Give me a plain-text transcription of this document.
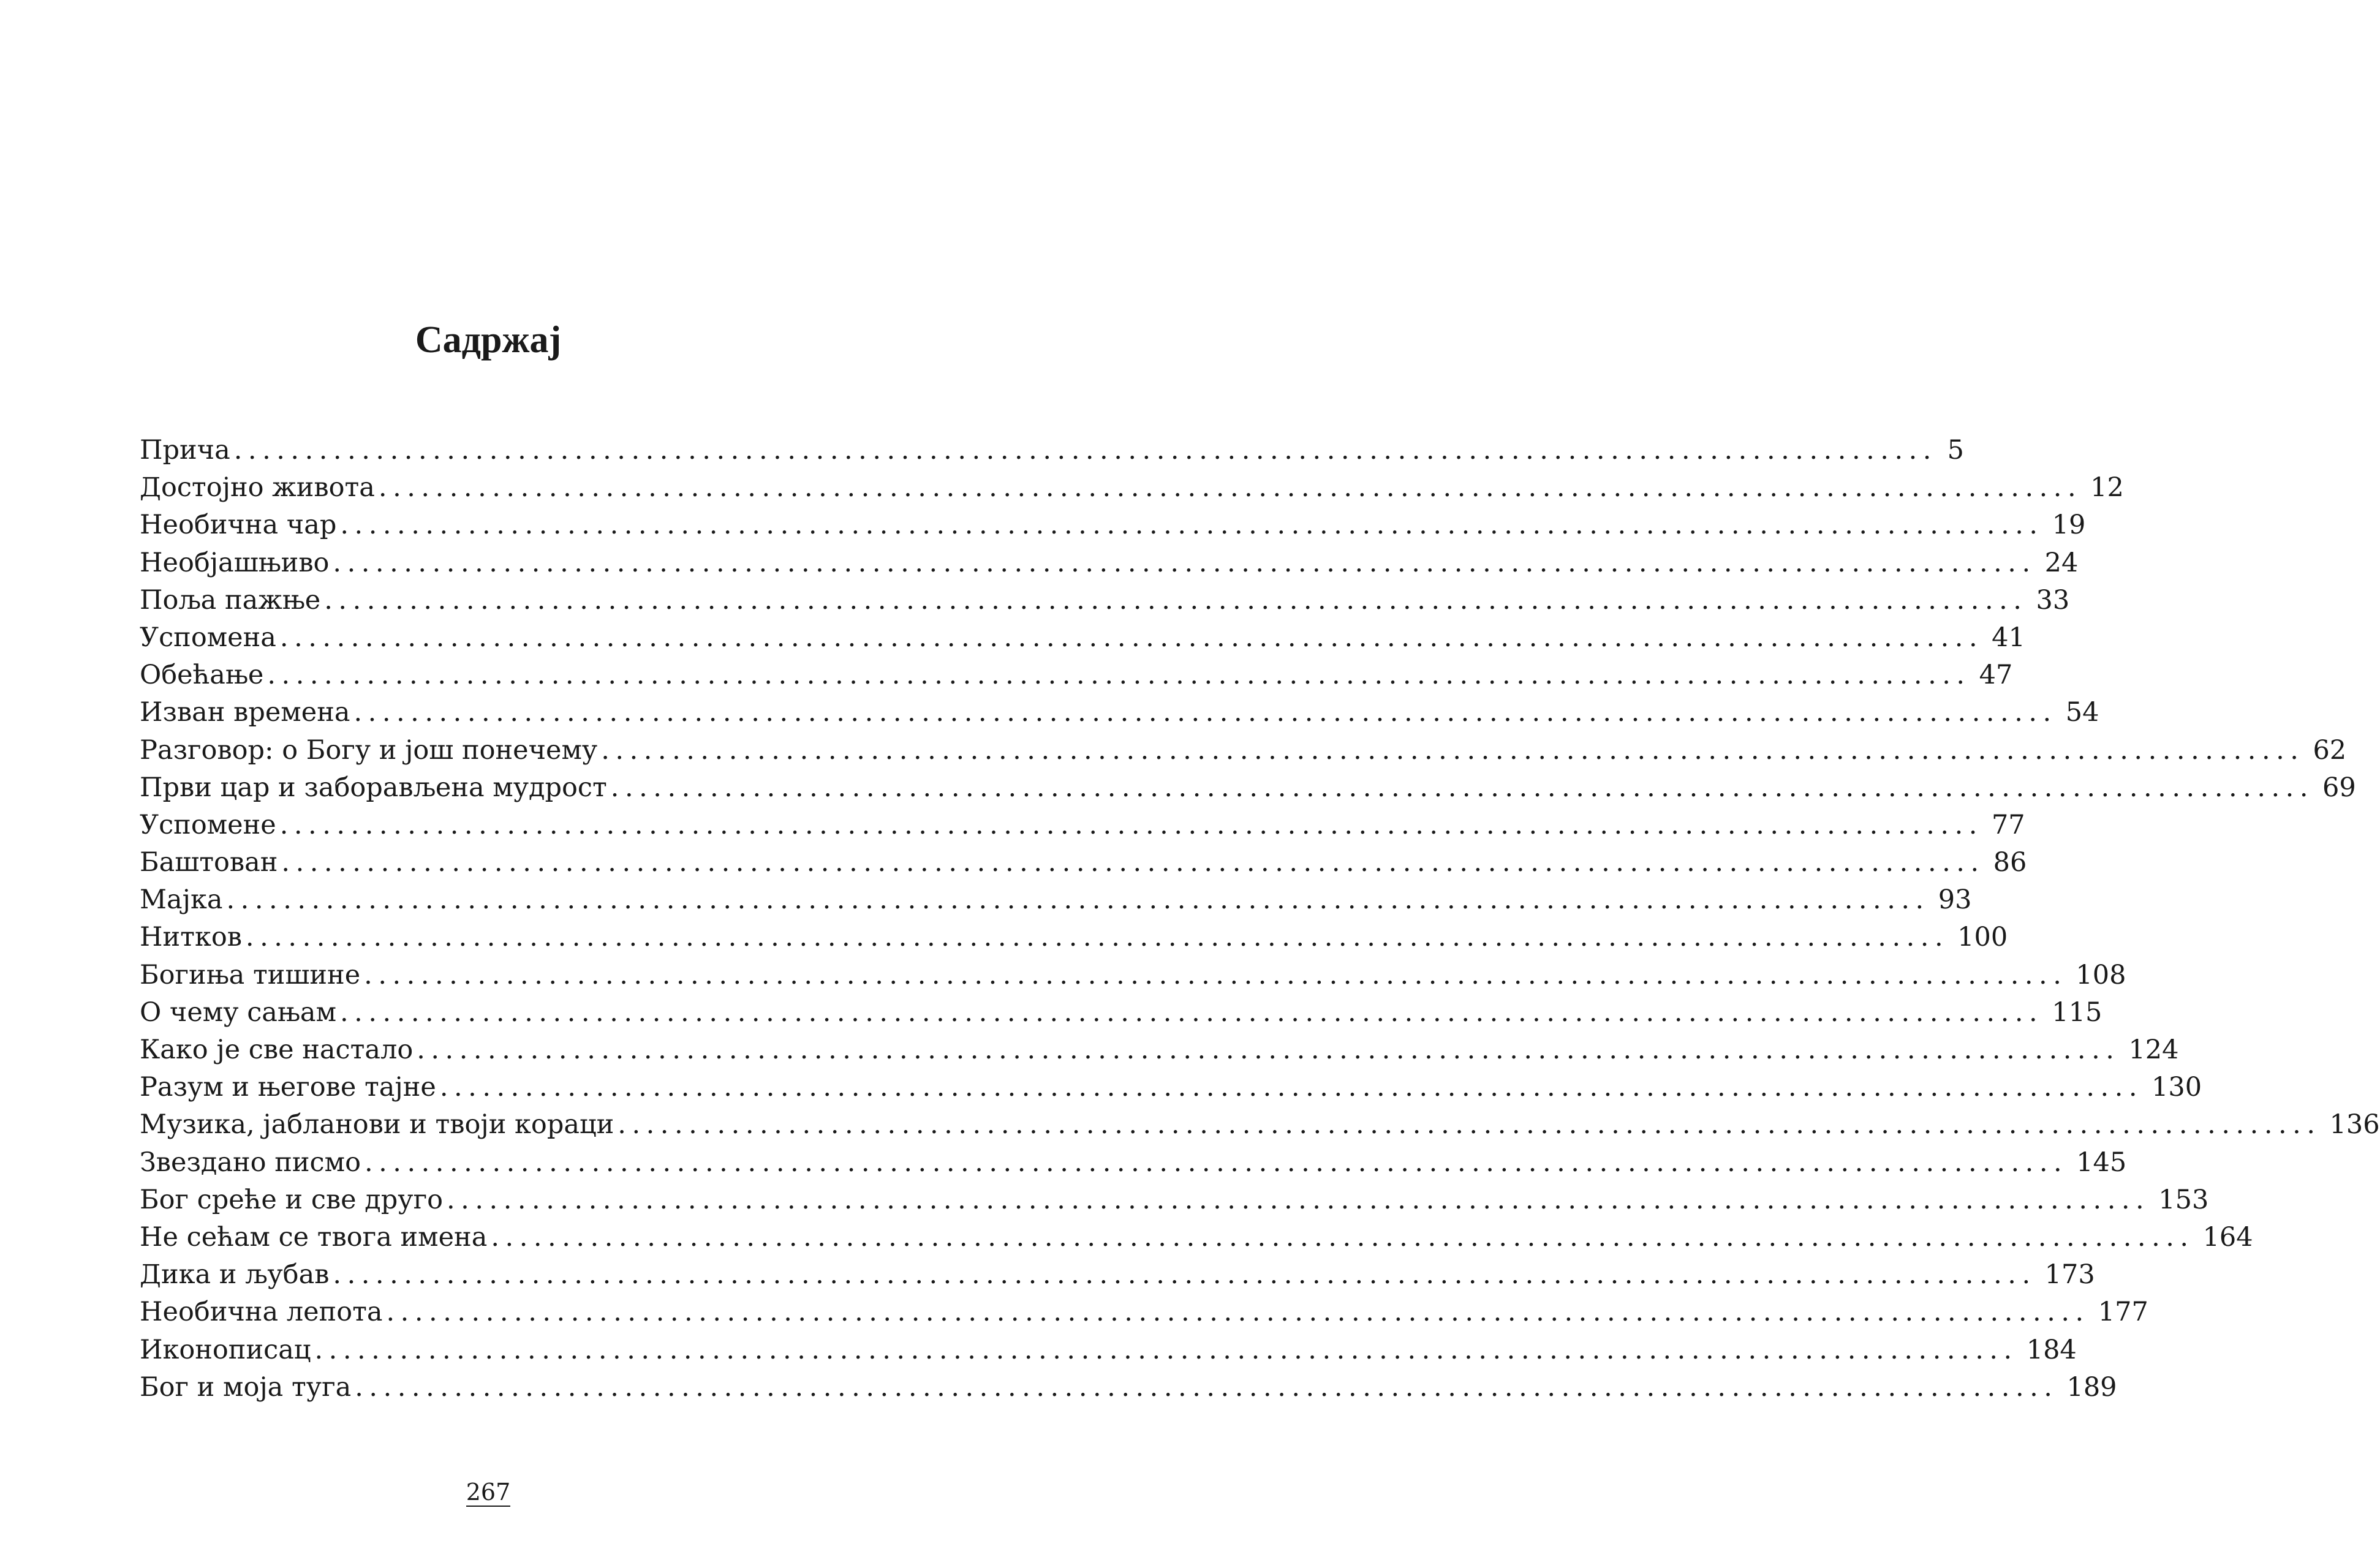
Садржај
Прича ........................................................................................................................ 5
Достојно живота ........................................................................................................................ 12
Необична чар ........................................................................................................................ 19
Необјашњиво ........................................................................................................................ 24
Поља пажње ........................................................................................................................ 33
Успомена ........................................................................................................................ 41
Обећање ........................................................................................................................ 47
Изван времена ........................................................................................................................ 54
Разговор: о Богу и још понечему ........................................................................................................................ 62
Први цар и заборављена мудрост ........................................................................................................................ 69
Успомене ........................................................................................................................ 77
Баштован ........................................................................................................................ 86
Мајка ........................................................................................................................ 93
Нитков ........................................................................................................................ 100
Богиња тишине ........................................................................................................................ 108
О чему сањам ........................................................................................................................ 115
Како је све настало ........................................................................................................................ 124
Разум и његове тајне ........................................................................................................................ 130
Музика, јабланови и твоји кораци ........................................................................................................................ 136
Звездано писмо ........................................................................................................................ 145
Бог среће и све друго ........................................................................................................................ 153
Не сећам се твога имена ........................................................................................................................ 164
Дика и љубав ........................................................................................................................ 173
Необична лепота ........................................................................................................................ 177
Иконописац ........................................................................................................................ 184
Бог и моја туга ........................................................................................................................ 189
267
